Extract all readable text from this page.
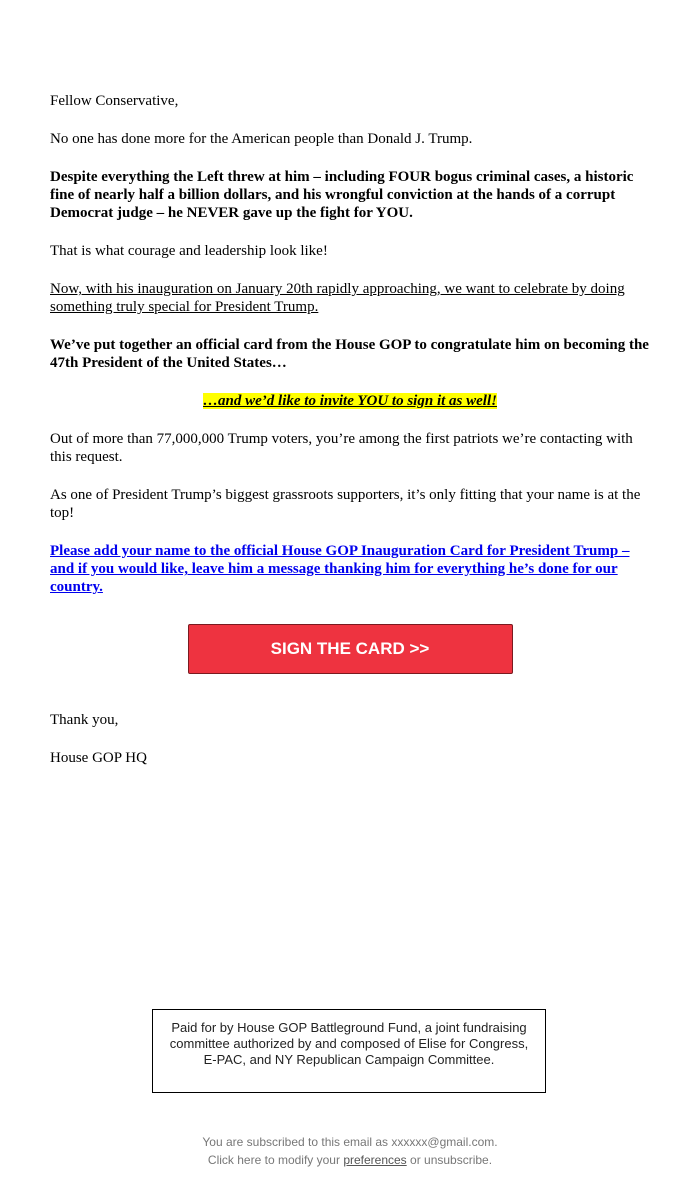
Fellow Conservative,

No one has done more for the American people than Donald J. Trump.

Despite everything the Left threw at him – including FOUR bogus criminal cases, a historic fine of nearly half a billion dollars, and his wrongful conviction at the hands of a corrupt Democrat judge – he NEVER gave up the fight for YOU.

That is what courage and leadership look like!

Now, with his inauguration on January 20th rapidly approaching, we want to celebrate by doing something truly special for President Trump.

We’ve put together an official card from the House GOP to congratulate him on becoming the 47th President of the United States…

…and we’d like to invite YOU to sign it as well!

Out of more than 77,000,000 Trump voters, you’re among the first patriots we’re contacting with this request.

As one of President Trump’s biggest grassroots supporters, it’s only fitting that your name is at the top!

Please add your name to the official House GOP Inauguration Card for President Trump – and if you would like, leave him a message thanking him for everything he’s done for our country.

SIGN THE CARD >>

Thank you,

House GOP HQ

Paid for by House GOP Battleground Fund, a joint fundraising committee authorized by and composed of Elise for Congress, E-PAC, and NY Republican Campaign Committee.
You are subscribed to this email as xxxxxx@gmail.com.
Click here to modify your preferences or unsubscribe.
